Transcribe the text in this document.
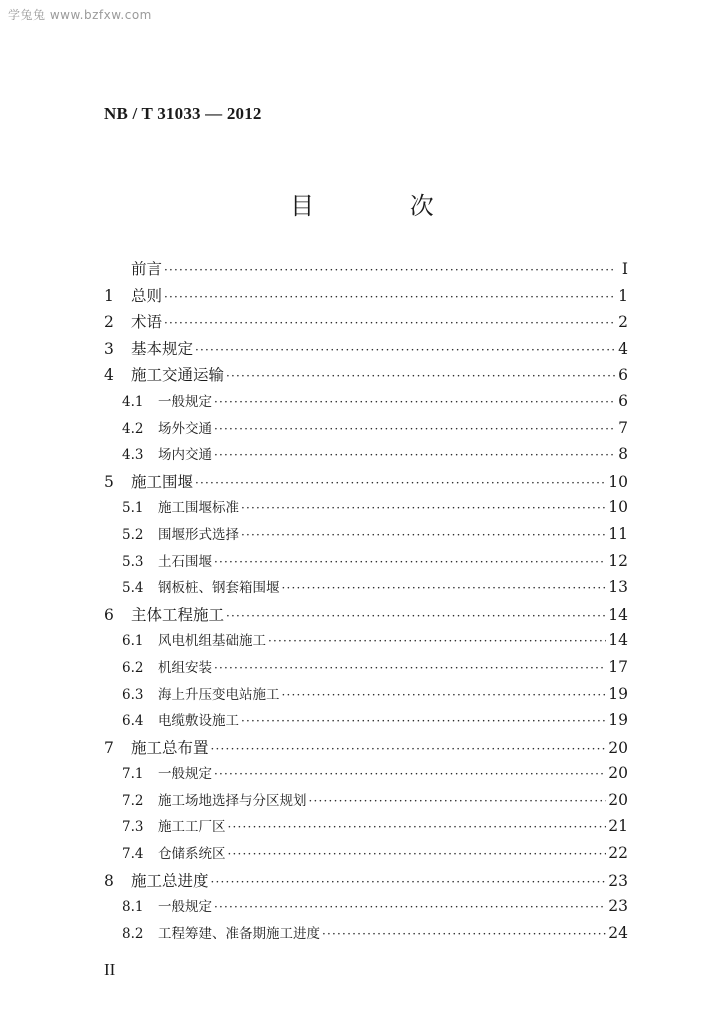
学兔兔 www.bzfxw.com
NB / T 31033 — 2012
目 次
前言 ·····	I
1	总则 ·····	1
2	术语 ·····	2
3	基本规定 ·····	4
4	施工交通运输 ·····	6
4.1	一般规定 ·····	6
4.2	场外交通 ·····	7
4.3	场内交通 ·····	8
5	施工围堰 ·····	10
5.1	施工围堰标准 ·····	10
5.2	围堰形式选择 ·····	11
5.3	土石围堰 ·····	12
5.4	钢板桩、钢套箱围堰 ·····	13
6	主体工程施工 ·····	14
6.1	风电机组基础施工 ·····	14
6.2	机组安装 ·····	17
6.3	海上升压变电站施工 ·····	19
6.4	电缆敷设施工 ·····	19
7	施工总布置 ·····	20
7.1	一般规定 ·····	20
7.2	施工场地选择与分区规划 ·····	20
7.3	施工工厂区 ·····	21
7.4	仓储系统区 ·····	22
8	施工总进度 ·····	23
8.1	一般规定 ·····	23
8.2	工程筹建、准备期施工进度 ·····	24
II
